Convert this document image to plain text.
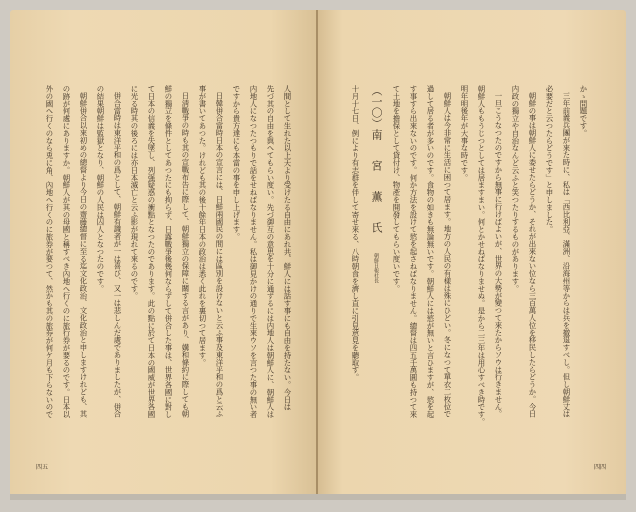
人間として生れた以上天より受けたる自由にあれ共、鮮人には話す事にも自由を持たない。今日は
先づ其の自由を與へてもらい度い。先づ御互の意思を十分に通ずるには内地人は朝鮮人に、朝鮮人は
内地人になつたつもりで話をせねばなりません。私は御見かけの通りで生來ウソを言つた事の無い者
ですから貴方達にも本當の事を申し上げます。
日韓併合當時日本の宣言には、日鮮兩國民の間には區別を設けないと云ふ事及東洋平和の爲と云ふ
事が書いてあつた。けれども其の後十餘年日本の政治は悉く此れを裏切つて居ます。
日淸戰爭の時も其の宣戰布告に際して、朝鮮獨立の保障に關する言があり、媾和條約に際しても朝
鮮の獨立を條件としてあつたにも拘らず、日露戰爭後幾何ならずして併合した事は、世界各國に對し
て日本の信義を失墜し、列强疑惑の衝點となつたのであります。此の點に於て日本の國威が世界各國
に光る時其の後ろには亦日本滅亡と云ふ影が現れて來るのです。
併合當時は東洋平和の爲として、朝鮮有識者が一は喜び、又一は悲しんだ處でありましたが、併合
の結果朝鮮は監獄となり、朝鮮の人民は囚人となつたのです。
朝鮮併合以來初めの總督より今日の齋藤總督に至る迄文化政治、文化政治と申しますけれども、其
の跡が何處にありますか。朝鮮人が其の母國と稱すべき內地へ行くのに旅行券が要るのです。日本以
外の國へ行くのなら兎に角、內地へ行くのに旅券が要つて、然かも其の旅券が何ケ月も下らないので
四五
かゝ問題です。
三年前義兵團が來た時に、私は「西比利亞、滿洲、沿海州等からは兵を撤退すべし。但し朝鮮丈は
必要だと云つたらどうです」と申しました。
朝鮮の事は朝鮮人に委せたらどうか、それが出來ない位なら三百萬人位を移民したらどうか。今日
内政の獨立や自治なんど云ふと笑つたりするものがあります。
一旦こうなつたのですから無事に行けばよいが、世界の大勢が變つて來たからソウは行きません。
朝鮮人ももうじつとしては居ますまい。何とかせねばなりませぬ。是から二三年は用心すべき時です。
明年明後年が大事な時です。
朝鮮人は今非常に生活に困つて居ます。地方の人民の有樣は殊にひどい。冬になつて單衣二枚位で
過して居る者が多いのです。食物の如きも無論無いです。朝鮮人には慾が無いと言ひますが、慾を起
す事すら出來ないのです。何か方法を設けて慾を起さねばなりません。總督は四五千萬圓も持つて來
て土地を擔保として貸付け、物產を開發してもらい度いです。
（一〇）南宮薫氏朝鮮日報社長
十月十七日、例により有志群を伴して寄せ來る、八時朝食を濟し直に引見意見を聽取す。
四四
